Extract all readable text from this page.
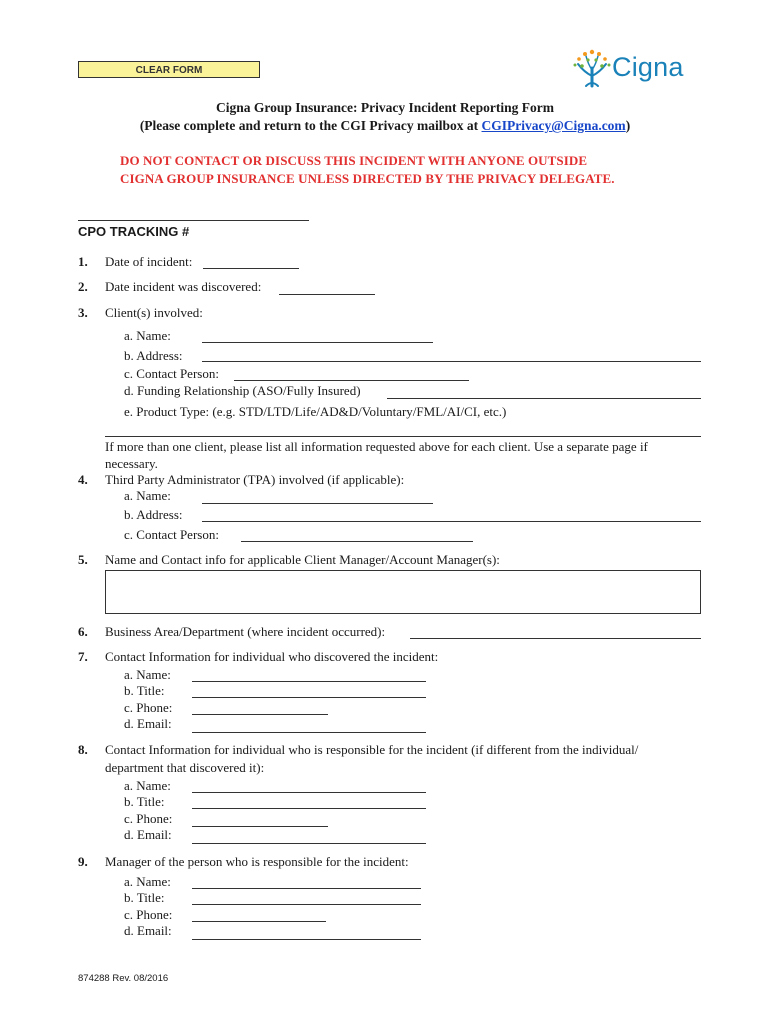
CLEAR FORM	Cigna
Cigna Group Insurance: Privacy Incident Reporting Form
(Please complete and return to the CGI Privacy mailbox at CGIPrivacy@Cigna.com)
DO NOT CONTACT OR DISCUSS THIS INCIDENT WITH ANYONE OUTSIDE
CIGNA GROUP INSURANCE UNLESS DIRECTED BY THE PRIVACY DELEGATE.
CPO TRACKING #
1. Date of incident:
2. Date incident was discovered:
3. Client(s) involved:
a. Name:
b. Address:
c. Contact Person:
d. Funding Relationship (ASO/Fully Insured)
e. Product Type: (e.g. STD/LTD/Life/AD&D/Voluntary/FML/AI/CI, etc.)
If more than one client, please list all information requested above for each client. Use a separate page if
necessary.
4. Third Party Administrator (TPA) involved (if applicable):
a. Name:
b. Address:
c. Contact Person:
5. Name and Contact info for applicable Client Manager/Account Manager(s):
6. Business Area/Department (where incident occurred):
7. Contact Information for individual who discovered the incident:
a. Name:
b. Title:
c. Phone:
d. Email:
8. Contact Information for individual who is responsible for the incident (if different from the individual/
department that discovered it):
a. Name:
b. Title:
c. Phone:
d. Email:
9. Manager of the person who is responsible for the incident:
a. Name:
b. Title:
c. Phone:
d. Email:
874288 Rev. 08/2016
